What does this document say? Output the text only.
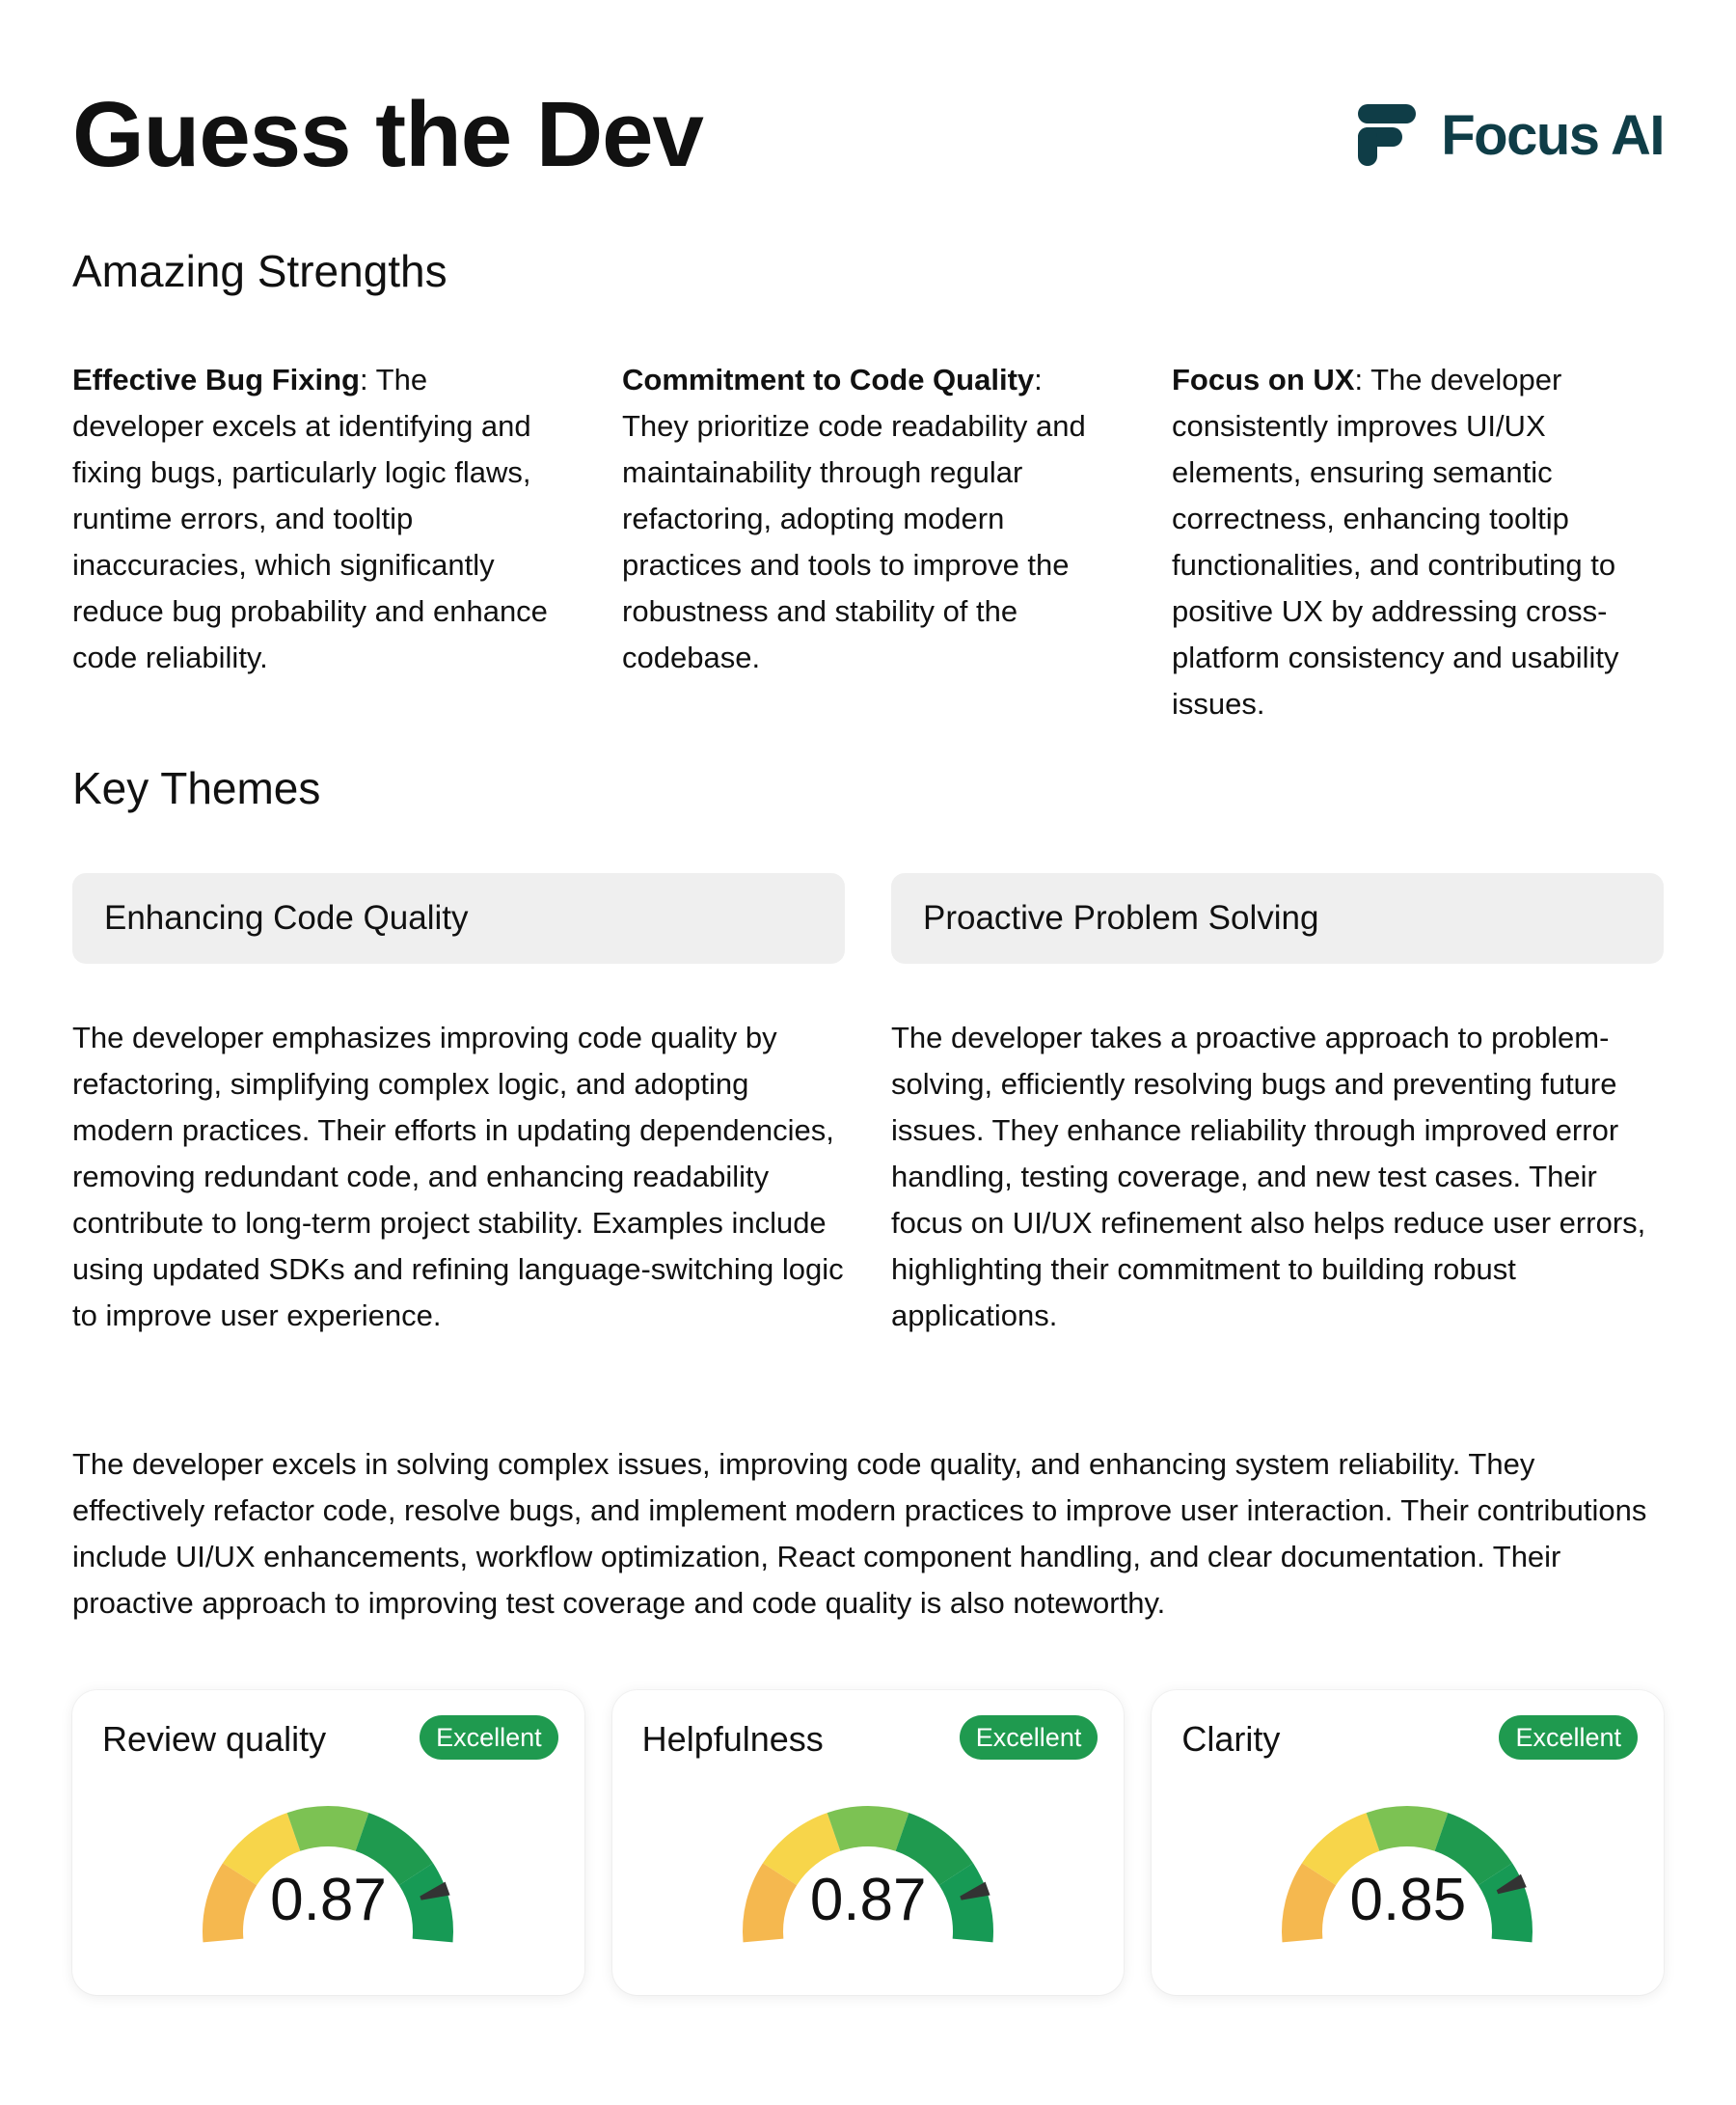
Guess the Dev	Focus AI
Amazing Strengths

Effective Bug Fixing: The developer excels at identifying and fixing bugs, particularly logic flaws, runtime errors, and tooltip inaccuracies, which significantly reduce bug probability and enhance code reliability.

Commitment to Code Quality: They prioritize code readability and maintainability through regular refactoring, adopting modern practices and tools to improve the robustness and stability of the codebase.

Focus on UX: The developer consistently improves UI/UX elements, ensuring semantic correctness, enhancing tooltip functionalities, and contributing to positive UX by addressing cross-platform consistency and usability issues.

Key Themes
Enhancing Code Quality

The developer emphasizes improving code quality by refactoring, simplifying complex logic, and adopting modern practices. Their efforts in updating dependencies, removing redundant code, and enhancing readability contribute to long-term project stability. Examples include using updated SDKs and refining language-switching logic to improve user experience.

Proactive Problem Solving

The developer takes a proactive approach to problem-solving, efficiently resolving bugs and preventing future issues. They enhance reliability through improved error handling, testing coverage, and new test cases. Their focus on UI/UX refinement also helps reduce user errors, highlighting their commitment to building robust applications.

The developer excels in solving complex issues, improving code quality, and enhancing system reliability. They effectively refactor code, resolve bugs, and implement modern practices to improve user interaction. Their contributions include UI/UX enhancements, workflow optimization, React component handling, and clear documentation. Their proactive approach to improving test coverage and code quality is also noteworthy.

Review quality	Excellent
0.87
Helpfulness	Excellent
0.87
Clarity	Excellent
0.85
